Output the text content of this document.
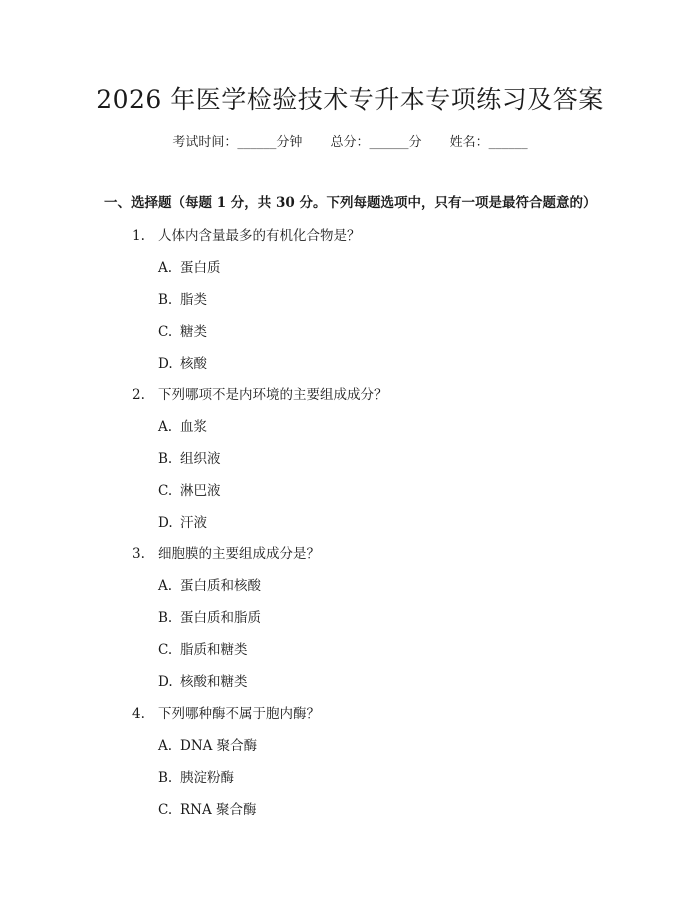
2026 年医学检验技术专升本专项练习及答案
考试时间：______分钟 总分：______分 姓名：______
一、选择题（每题 1 分，共 30 分。下列每题选项中，只有一项是最符合题意的）
1. 人体内含量最多的有机化合物是？
A. 蛋白质
B. 脂类
C. 糖类
D. 核酸
2. 下列哪项不是内环境的主要组成成分？
A. 血浆
B. 组织液
C. 淋巴液
D. 汗液
3. 细胞膜的主要组成成分是？
A. 蛋白质和核酸
B. 蛋白质和脂质
C. 脂质和糖类
D. 核酸和糖类
4. 下列哪种酶不属于胞内酶？
A. DNA 聚合酶
B. 胰淀粉酶
C. RNA 聚合酶
